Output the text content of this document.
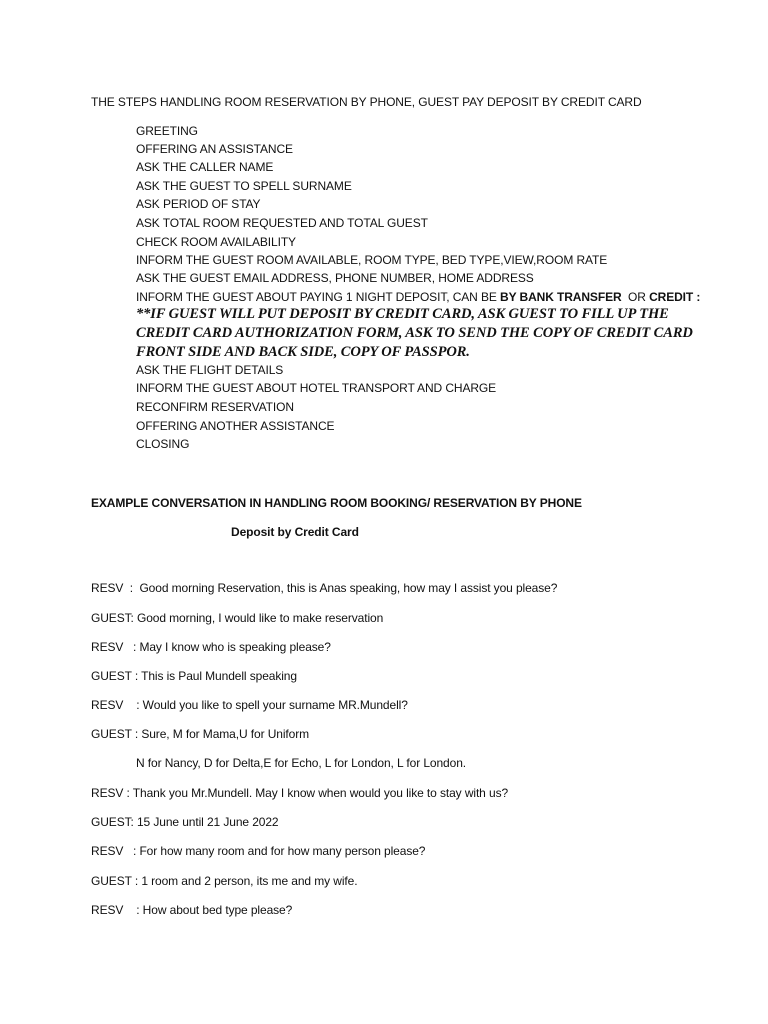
THE STEPS HANDLING ROOM RESERVATION BY PHONE, GUEST PAY DEPOSIT BY CREDIT CARD
GREETING
OFFERING AN ASSISTANCE
ASK THE CALLER NAME
ASK THE GUEST TO SPELL SURNAME
ASK PERIOD OF STAY
ASK TOTAL ROOM REQUESTED AND TOTAL GUEST
CHECK ROOM AVAILABILITY
INFORM THE GUEST ROOM AVAILABLE, ROOM TYPE, BED TYPE,VIEW,ROOM RATE
ASK THE GUEST EMAIL ADDRESS, PHONE NUMBER, HOME ADDRESS
INFORM THE GUEST ABOUT PAYING 1 NIGHT DEPOSIT, CAN BE BY BANK TRANSFER  OR CREDIT :
**IF GUEST WILL PUT DEPOSIT BY CREDIT CARD, ASK GUEST TO FILL UP THE
CREDIT CARD AUTHORIZATION FORM, ASK TO SEND THE COPY OF CREDIT CARD
FRONT SIDE AND BACK SIDE, COPY OF PASSPOR.
ASK THE FLIGHT DETAILS
INFORM THE GUEST ABOUT HOTEL TRANSPORT AND CHARGE
RECONFIRM RESERVATION
OFFERING ANOTHER ASSISTANCE
CLOSING
EXAMPLE CONVERSATION IN HANDLING ROOM BOOKING/ RESERVATION BY PHONE
Deposit by Credit Card
RESV  :  Good morning Reservation, this is Anas speaking, how may I assist you please?
GUEST: Good morning, I would like to make reservation
RESV   : May I know who is speaking please?
GUEST : This is Paul Mundell speaking
RESV    : Would you like to spell your surname MR.Mundell?
GUEST : Sure, M for Mama,U for Uniform
N for Nancy, D for Delta,E for Echo, L for London, L for London.
RESV : Thank you Mr.Mundell. May I know when would you like to stay with us?
GUEST: 15 June until 21 June 2022
RESV   : For how many room and for how many person please?
GUEST : 1 room and 2 person, its me and my wife.
RESV    : How about bed type please?
